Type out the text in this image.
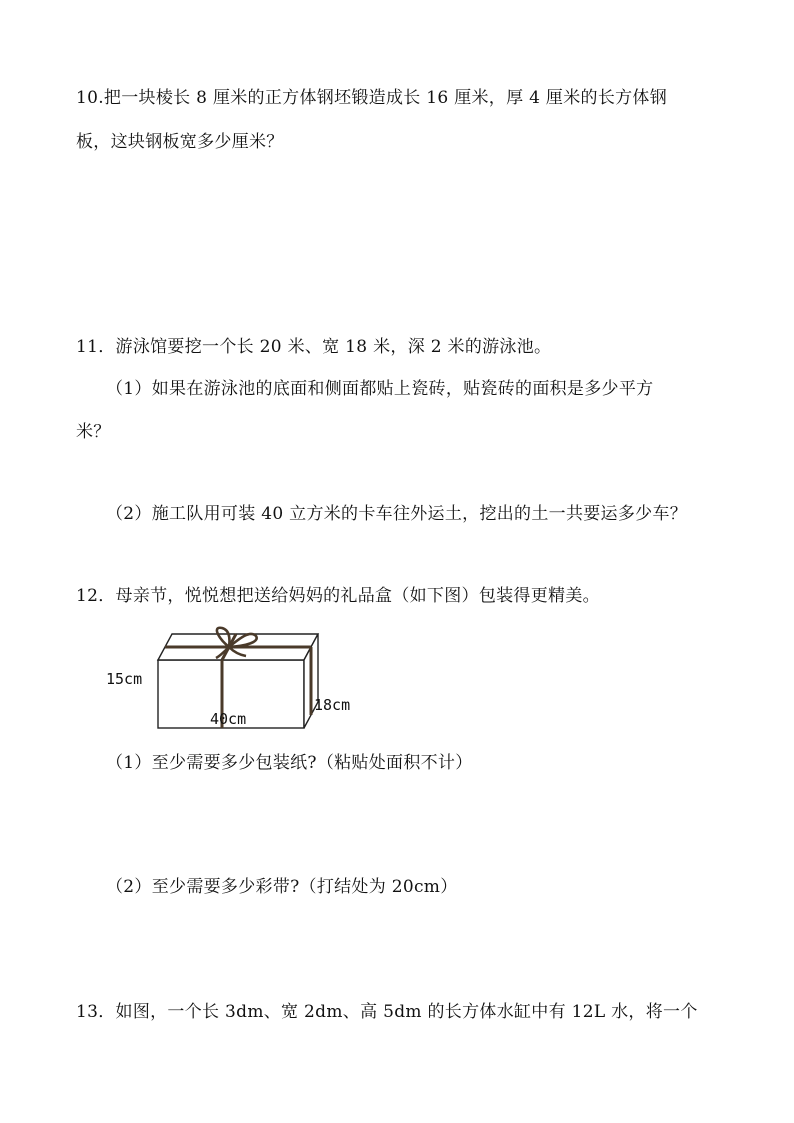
10.把一块棱长 8 厘米的正方体钢坯锻造成长 16 厘米，厚 4 厘米的长方体钢
板，这块钢板宽多少厘米？
11．游泳馆要挖一个长 20 米、宽 18 米，深 2 米的游泳池。
（1）如果在游泳池的底面和侧面都贴上瓷砖，贴瓷砖的面积是多少平方
米？
（2）施工队用可装 40 立方米的卡车往外运土，挖出的土一共要运多少车？
12．母亲节，悦悦想把送给妈妈的礼品盒（如下图）包装得更精美。
15cm
40cm
18cm
（1）至少需要多少包装纸?（粘贴处面积不计）
（2）至少需要多少彩带?（打结处为 20cm）
13．如图，一个长 3dm、宽 2dm、高 5dm 的长方体水缸中有 12L 水，将一个
